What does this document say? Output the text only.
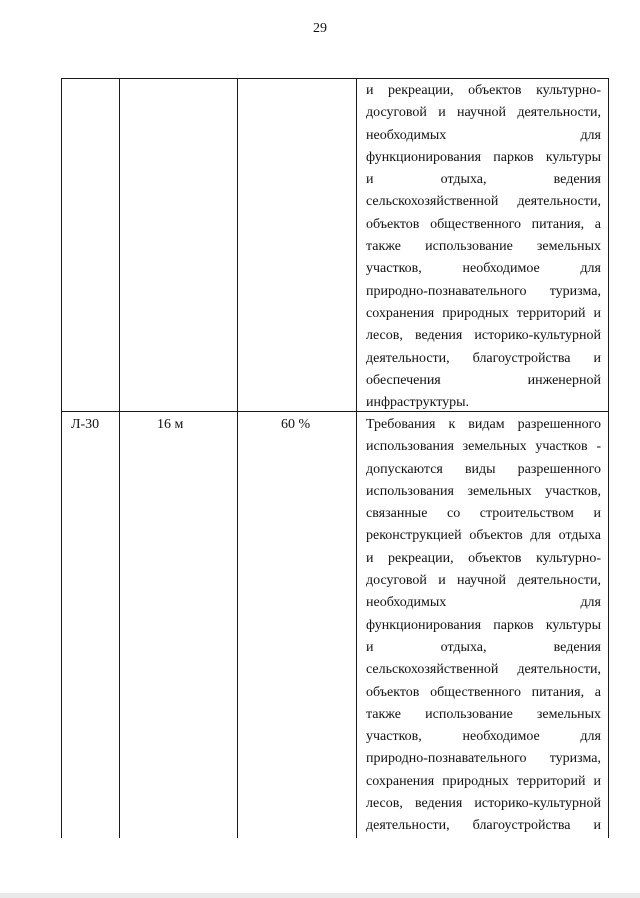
29
и рекреации, объектов культурно-
досуговой и научной деятельности,
необходимых	для
функционирования парков культуры
и	отдыха,	ведения
сельскохозяйственной деятельности,
объектов общественного питания, а
также использование земельных
участков,	необходимое	для
природно-познавательного туризма,
сохранения природных территорий и
лесов, ведения историко-культурной
деятельности, благоустройства и
обеспечения	инженерной
инфраструктуры.
Л-30	16 м	60 %	Требования к видам разрешенного
использования земельных участков -
допускаются виды разрешенного
использования земельных участков,
связанные со строительством и
реконструкцией объектов для отдыха
и рекреации, объектов культурно-
досуговой и научной деятельности,
необходимых	для
функционирования парков культуры
и	отдыха,	ведения
сельскохозяйственной деятельности,
объектов общественного питания, а
также использование земельных
участков,	необходимое	для
природно-познавательного туризма,
сохранения природных территорий и
лесов, ведения историко-культурной
деятельности, благоустройства и
